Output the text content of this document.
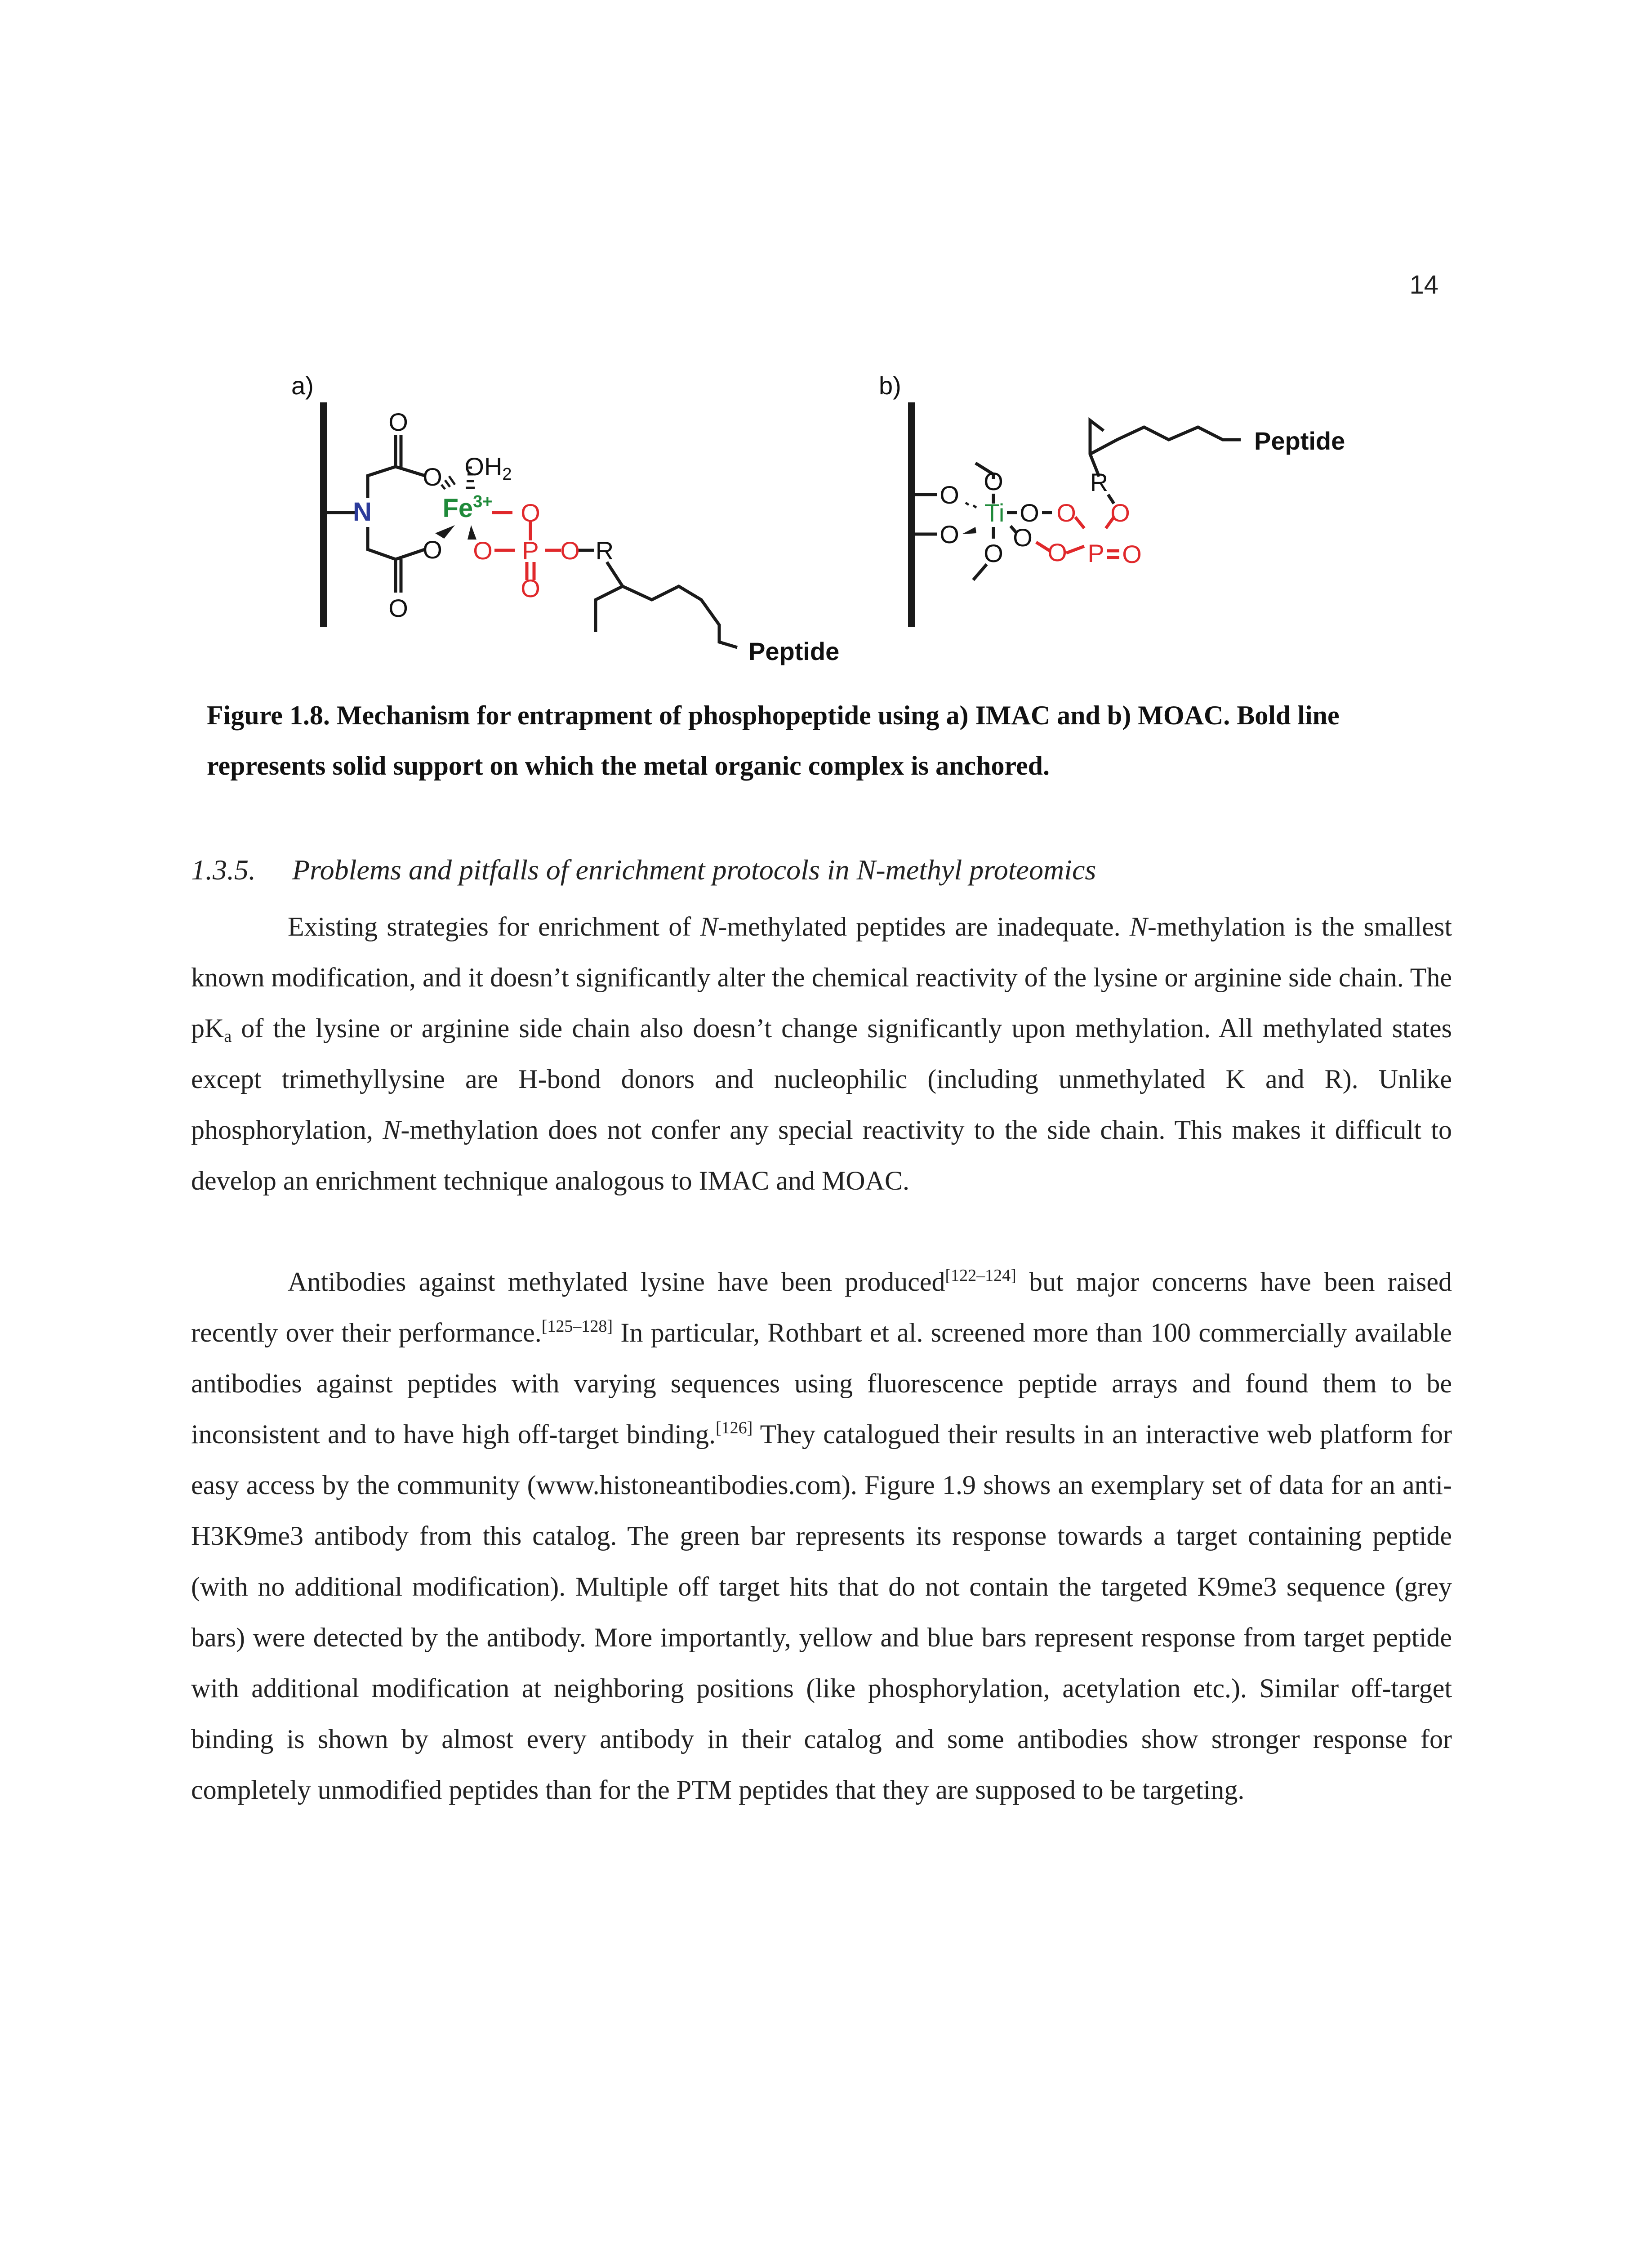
14
a)
O
O OH2
N	$Fe^{3+}$ O
O O P O R
O
O
Peptide
b)
O
O
O
Ti O
O
O
O
R
O
O P O
Peptide
Figure 1.8. Mechanism for entrapment of phosphopeptide using a) IMAC and b) MOAC. Bold line represents solid support on which the metal organic complex is anchored.
1.3.5. Problems and pitfalls of enrichment protocols in N-methyl proteomics
Existing strategies for enrichment of N-methylated peptides are inadequate. N-methylation is the smallest known modification, and it doesn’t significantly alter the chemical reactivity of the lysine or arginine side chain. The $pK_a$ of the lysine or arginine side chain also doesn’t change significantly upon methylation. All methylated states except trimethyllysine are H-bond donors and nucleophilic (including unmethylated K and R). Unlike phosphorylation, N-methylation does not confer any special reactivity to the side chain. This makes it difficult to develop an enrichment technique analogous to IMAC and MOAC.
Antibodies against methylated lysine have been produced[122–124] but major concerns have been raised recently over their performance.[125–128] In particular, Rothbart et al. screened more than 100 commercially available antibodies against peptides with varying sequences using fluorescence peptide arrays and found them to be inconsistent and to have high off-target binding.[126] They catalogued their results in an interactive web platform for easy access by the community (www.histoneantibodies.com). Figure 1.9 shows an exemplary set of data for an anti-H3K9me3 antibody from this catalog. The green bar represents its response towards a target containing peptide (with no additional modification). Multiple off target hits that do not contain the targeted K9me3 sequence (grey bars) were detected by the antibody. More importantly, yellow and blue bars represent response from target peptide with additional modification at neighboring positions (like phosphorylation, acetylation etc.). Similar off-target binding is shown by almost every antibody in their catalog and some antibodies show stronger response for completely unmodified peptides than for the PTM peptides that they are supposed to be targeting.
